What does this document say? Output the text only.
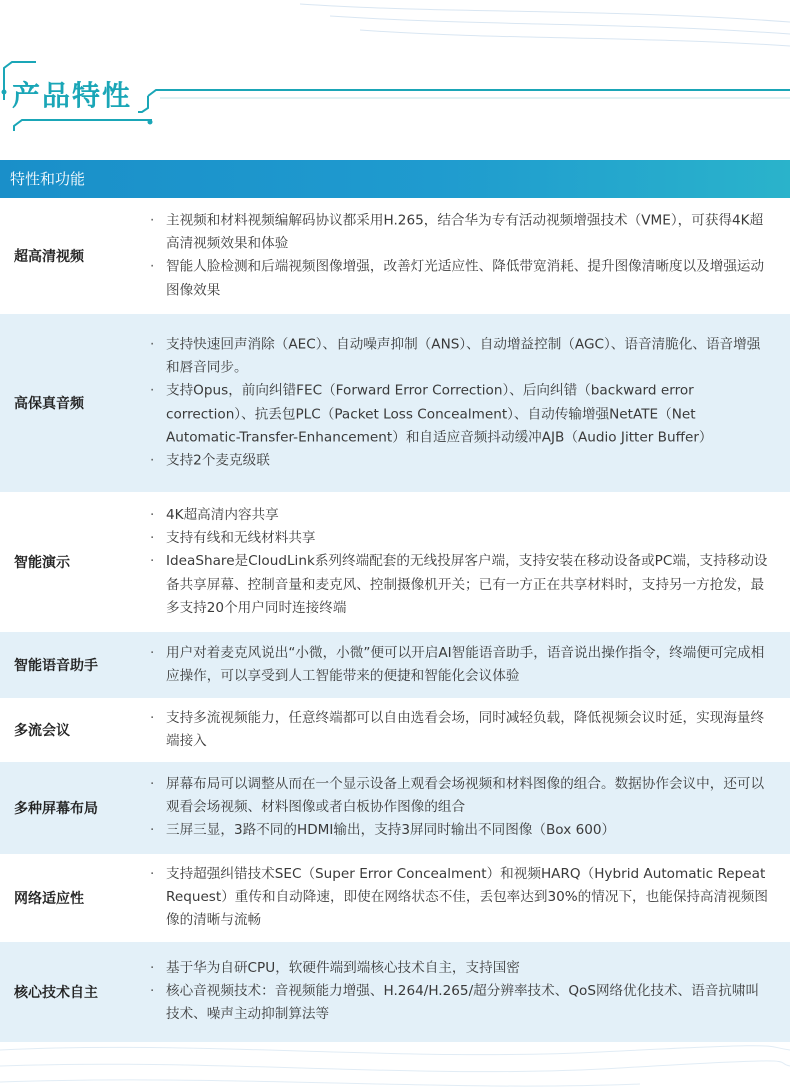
产品特性
特性和功能
超高清视频
· 主视频和材料视频编解码协议都采用H.265，结合华为专有活动视频增强技术（VME），可获得4K超高清视频效果和体验
· 智能人脸检测和后端视频图像增强，改善灯光适应性、降低带宽消耗、提升图像清晰度以及增强运动图像效果
高保真音频
· 支持快速回声消除（AEC）、自动噪声抑制（ANS）、自动增益控制（AGC）、语音清脆化、语音增强和唇音同步。
· 支持Opus，前向纠错FEC（Forward Error Correction）、后向纠错（backward error correction）、抗丢包PLC（Packet Loss Concealment）、自动传输增强NetATE（Net Automatic-Transfer-Enhancement）和自适应音频抖动缓冲AJB（Audio Jitter Buffer）
· 支持2个麦克级联
智能演示
· 4K超高清内容共享
· 支持有线和无线材料共享
· IdeaShare是CloudLink系列终端配套的无线投屏客户端，支持安装在移动设备或PC端，支持移动设备共享屏幕、控制音量和麦克风、控制摄像机开关；已有一方正在共享材料时，支持另一方抢发，最多支持20个用户同时连接终端
智能语音助手
· 用户对着麦克风说出“小微，小微”便可以开启AI智能语音助手，语音说出操作指令，终端便可完成相应操作，可以享受到人工智能带来的便捷和智能化会议体验
多流会议
· 支持多流视频能力，任意终端都可以自由选看会场，同时减轻负载，降低视频会议时延，实现海量终端接入
多种屏幕布局
· 屏幕布局可以调整从而在一个显示设备上观看会场视频和材料图像的组合。数据协作会议中，还可以观看会场视频、材料图像或者白板协作图像的组合
· 三屏三显，3路不同的HDMI输出，支持3屏同时输出不同图像（Box 600）
网络适应性
· 支持超强纠错技术SEC（Super Error Concealment）和视频HARQ（Hybrid Automatic Repeat Request）重传和自动降速，即使在网络状态不佳，丢包率达到30%的情况下，也能保持高清视频图像的清晰与流畅
核心技术自主
· 基于华为自研CPU，软硬件端到端核心技术自主，支持国密
· 核心音视频技术：音视频能力增强、H.264/H.265/超分辨率技术、QoS网络优化技术、语音抗啸叫技术、噪声主动抑制算法等
